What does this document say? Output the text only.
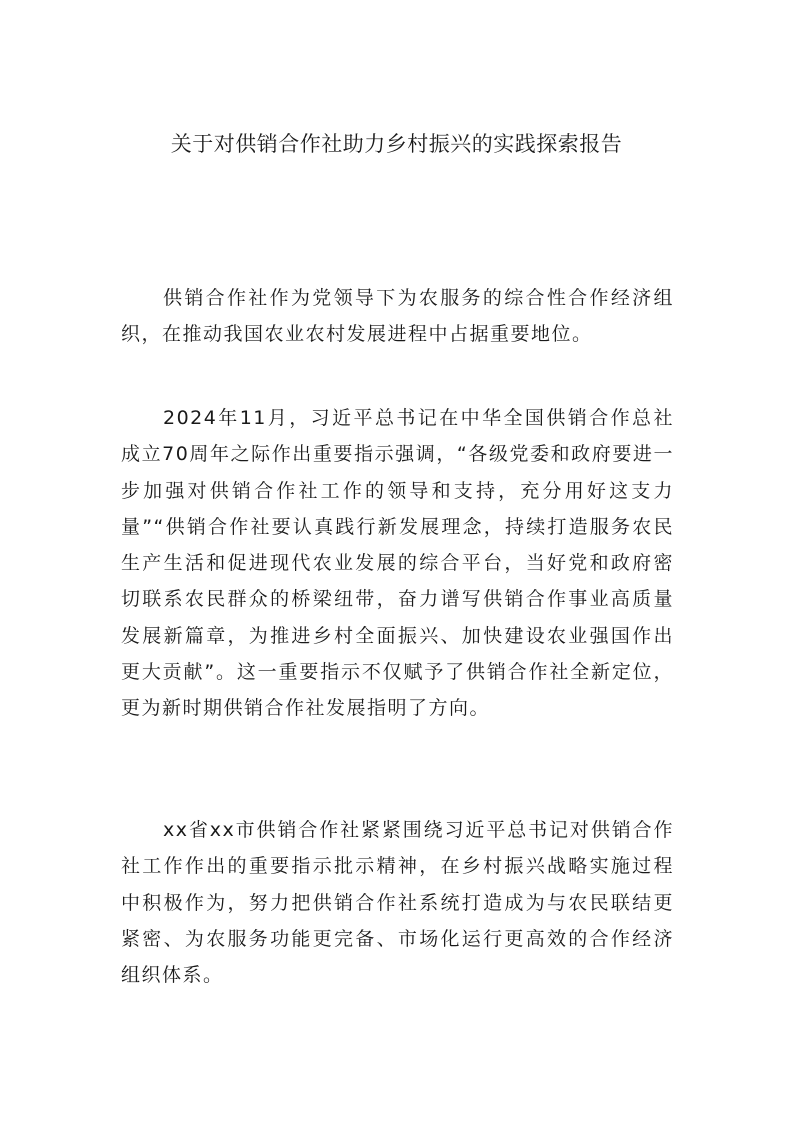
关于对供销合作社助力乡村振兴的实践探索报告

供销合作社作为党领导下为农服务的综合性合作经济组织，在推动我国农业农村发展进程中占据重要地位。

2024年11月，习近平总书记在中华全国供销合作总社成立70周年之际作出重要指示强调，“各级党委和政府要进一步加强对供销合作社工作的领导和支持，充分用好这支力量”“供销合作社要认真践行新发展理念，持续打造服务农民生产生活和促进现代农业发展的综合平台，当好党和政府密切联系农民群众的桥梁纽带，奋力谱写供销合作事业高质量发展新篇章，为推进乡村全面振兴、加快建设农业强国作出更大贡献”。这一重要指示不仅赋予了供销合作社全新定位，更为新时期供销合作社发展指明了方向。

xx省xx市供销合作社紧紧围绕习近平总书记对供销合作社工作作出的重要指示批示精神，在乡村振兴战略实施过程中积极作为，努力把供销合作社系统打造成为与农民联结更紧密、为农服务功能更完备、市场化运行更高效的合作经济组织体系。
